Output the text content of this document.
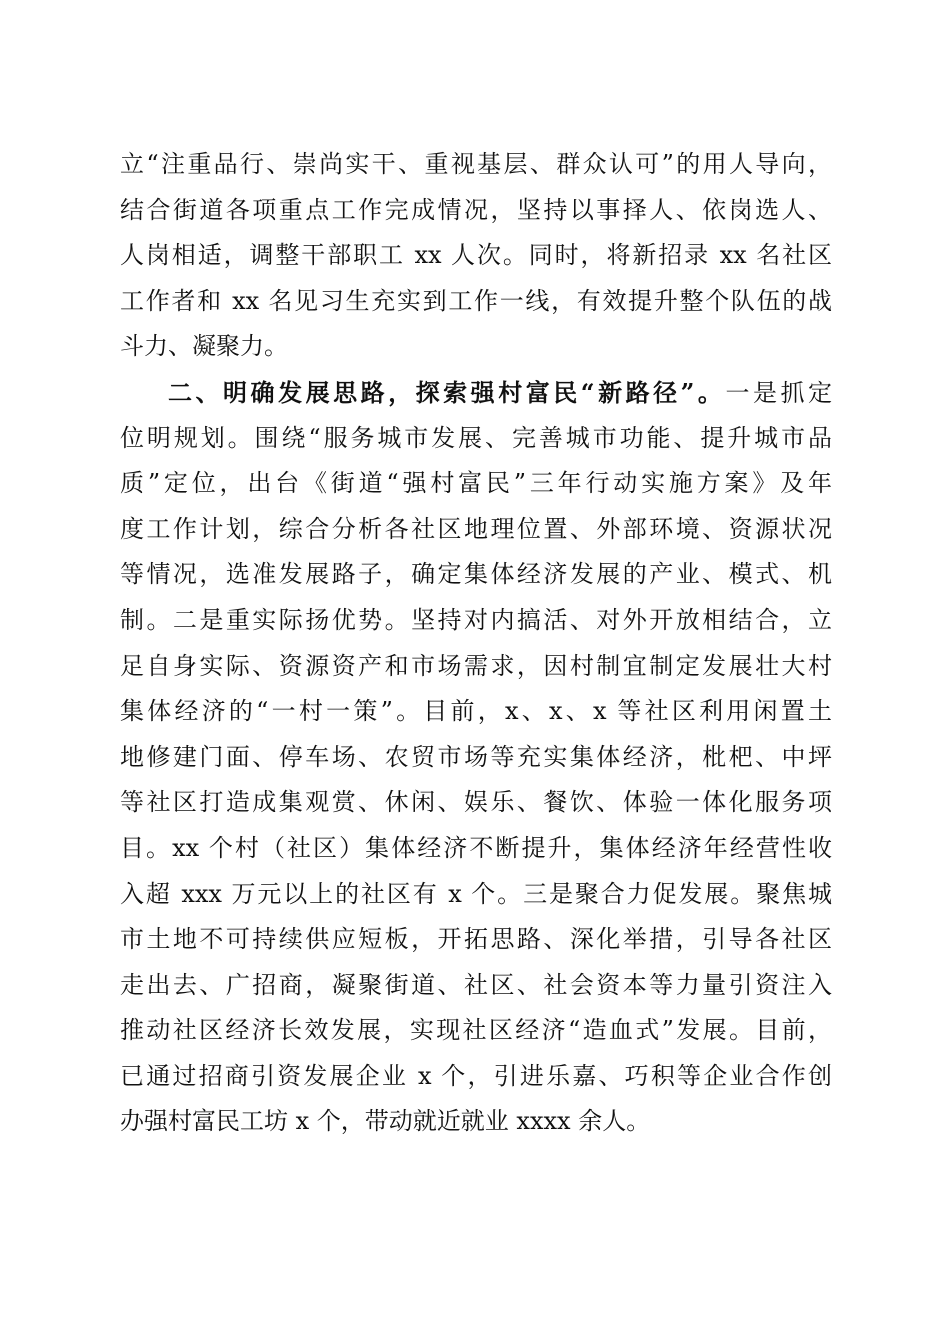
立“注重品行、崇尚实干、重视基层、群众认可”的用人导向，
结合街道各项重点工作完成情况，坚持以事择人、依岗选人、
人岗相适，调整干部职工 xx 人次。同时，将新招录 xx 名社区
工作者和 xx 名见习生充实到工作一线，有效提升整个队伍的战
斗力、凝聚力。
二、明确发展思路，探索强村富民“新路径”。一是抓定
位明规划。围绕“服务城市发展、完善城市功能、提升城市品
质”定位，出台《街道“强村富民”三年行动实施方案》及年
度工作计划，综合分析各社区地理位置、外部环境、资源状况
等情况，选准发展路子，确定集体经济发展的产业、模式、机
制。二是重实际扬优势。坚持对内搞活、对外开放相结合，立
足自身实际、资源资产和市场需求，因村制宜制定发展壮大村
集体经济的“一村一策”。目前，x、x、x 等社区利用闲置土
地修建门面、停车场、农贸市场等充实集体经济，枇杷、中坪
等社区打造成集观赏、休闲、娱乐、餐饮、体验一体化服务项
目。xx 个村（社区）集体经济不断提升，集体经济年经营性收
入超 xxx 万元以上的社区有 x 个。三是聚合力促发展。聚焦城
市土地不可持续供应短板，开拓思路、深化举措，引导各社区
走出去、广招商，凝聚街道、社区、社会资本等力量引资注入
推动社区经济长效发展，实现社区经济“造血式”发展。目前，
已通过招商引资发展企业 x 个，引进乐嘉、巧积等企业合作创
办强村富民工坊 x 个，带动就近就业 xxxx 余人。
